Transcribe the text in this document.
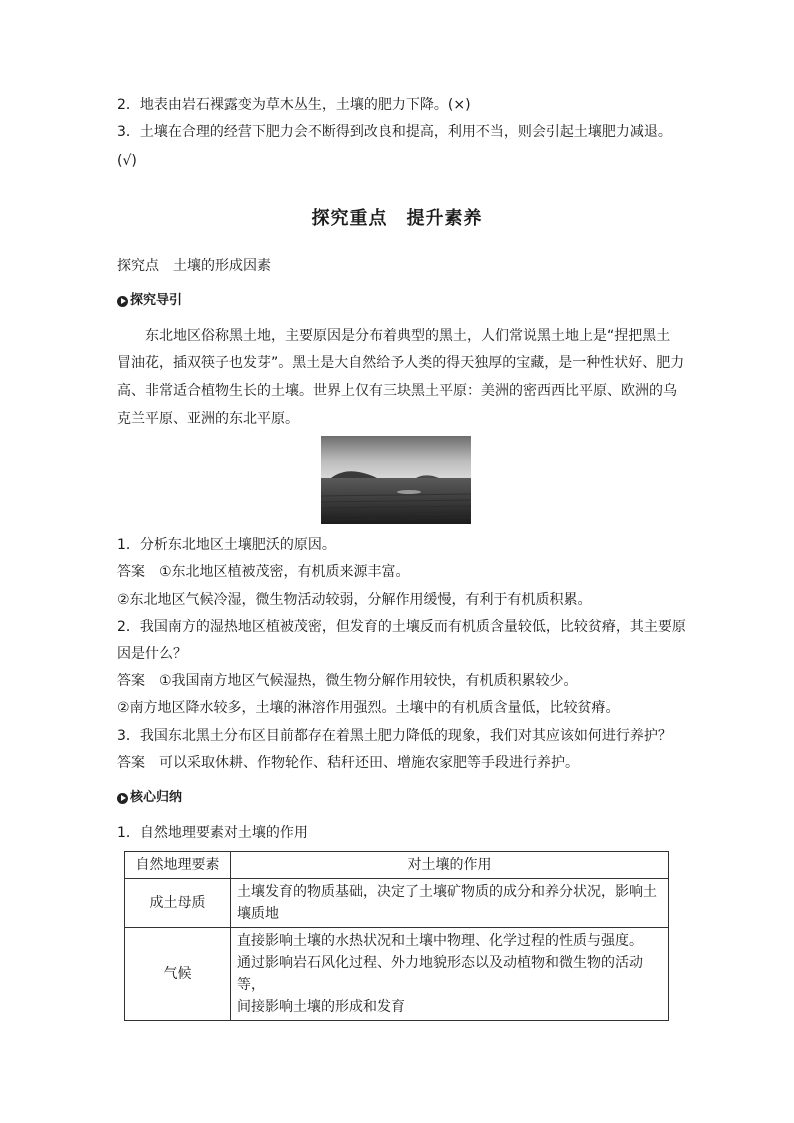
2．地表由岩石裸露变为草木丛生，土壤的肥力下降。(×)
3．土壤在合理的经营下肥力会不断得到改良和提高，利用不当，则会引起土壤肥力减退。
(√)
探究重点　提升素养
探究点　土壤的形成因素
探究导引
东北地区俗称黑土地，主要原因是分布着典型的黑土，人们常说黑土地上是“捏把黑土
冒油花，插双筷子也发芽”。黑土是大自然给予人类的得天独厚的宝藏，是一种性状好、肥力
高、非常适合植物生长的土壤。世界上仅有三块黑土平原：美洲的密西西比平原、欧洲的乌
克兰平原、亚洲的东北平原。
1．分析东北地区土壤肥沃的原因。
答案　①东北地区植被茂密，有机质来源丰富。
②东北地区气候冷湿，微生物活动较弱，分解作用缓慢，有利于有机质积累。
2．我国南方的湿热地区植被茂密，但发育的土壤反而有机质含量较低，比较贫瘠，其主要原
因是什么？
答案　①我国南方地区气候湿热，微生物分解作用较快，有机质积累较少。
②南方地区降水较多，土壤的淋溶作用强烈。土壤中的有机质含量低，比较贫瘠。
3．我国东北黑土分布区目前都存在着黑土肥力降低的现象，我们对其应该如何进行养护？
答案　可以采取休耕、作物轮作、秸秆还田、增施农家肥等手段进行养护。
核心归纳
1．自然地理要素对土壤的作用
自然地理要素	对土壤的作用
成土母质	土壤发育的物质基础，决定了土壤矿物质的成分和养分状况，影响土
壤质地

气候	直接影响土壤的水热状况和土壤中物理、化学过程的性质与强度。
通过影响岩石风化过程、外力地貌形态以及动植物和微生物的活动等，
间接影响土壤的形成和发育
